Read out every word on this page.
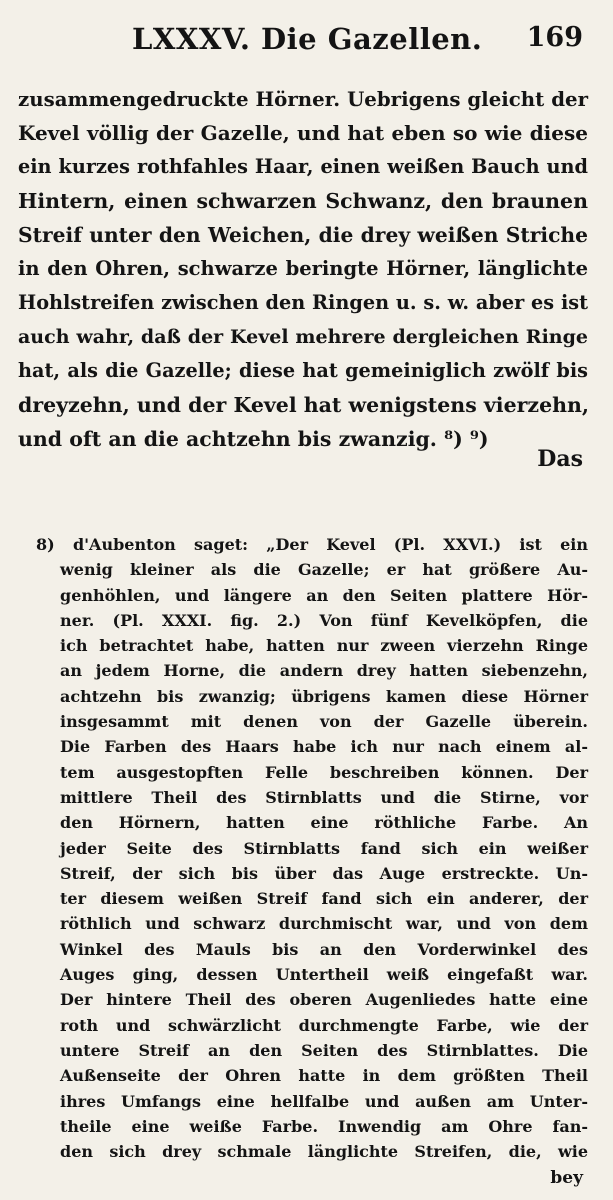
LXXXV. Die Gazellen. 169
zusammengedruckte Hörner. Uebrigens gleicht der
Kevel völlig der Gazelle, und hat eben so wie diese
ein kurzes rothfahles Haar, einen weißen Bauch und
Hintern, einen schwarzen Schwanz, den braunen
Streif unter den Weichen, die drey weißen Striche
in den Ohren, schwarze beringte Hörner, länglichte
Hohlstreifen zwischen den Ringen u. s. w. aber es ist
auch wahr, daß der Kevel mehrere dergleichen Ringe
hat, als die Gazelle; diese hat gemeiniglich zwölf bis
dreyzehn, und der Kevel hat wenigstens vierzehn,
und oft an die achtzehn bis zwanzig. ⁸) ⁹)
Das
8) d'Aubenton saget: „Der Kevel (Pl. XXVI.) ist ein
wenig kleiner als die Gazelle; er hat größere Au-
genhöhlen, und längere an den Seiten plattere Hör-
ner. (Pl. XXXI. fig. 2.) Von fünf Kevelköpfen, die
ich betrachtet habe, hatten nur zween vierzehn Ringe
an jedem Horne, die andern drey hatten siebenzehn,
achtzehn bis zwanzig; übrigens kamen diese Hörner
insgesammt mit denen von der Gazelle überein.
Die Farben des Haars habe ich nur nach einem al-
tem ausgestopften Felle beschreiben können. Der
mittlere Theil des Stirnblatts und die Stirne, vor
den Hörnern, hatten eine röthliche Farbe. An
jeder Seite des Stirnblatts fand sich ein weißer
Streif, der sich bis über das Auge erstreckte. Un-
ter diesem weißen Streif fand sich ein anderer, der
röthlich und schwarz durchmischt war, und von dem
Winkel des Mauls bis an den Vorderwinkel des
Auges ging, dessen Untertheil weiß eingefaßt war.
Der hintere Theil des oberen Augenliedes hatte eine
roth und schwärzlicht durchmengte Farbe, wie der
untere Streif an den Seiten des Stirnblattes. Die
Außenseite der Ohren hatte in dem größten Theil
ihres Umfangs eine hellfalbe und außen am Unter-
theile eine weiße Farbe. Inwendig am Ohre fan-
den sich drey schmale länglichte Streifen, die, wie
bey
